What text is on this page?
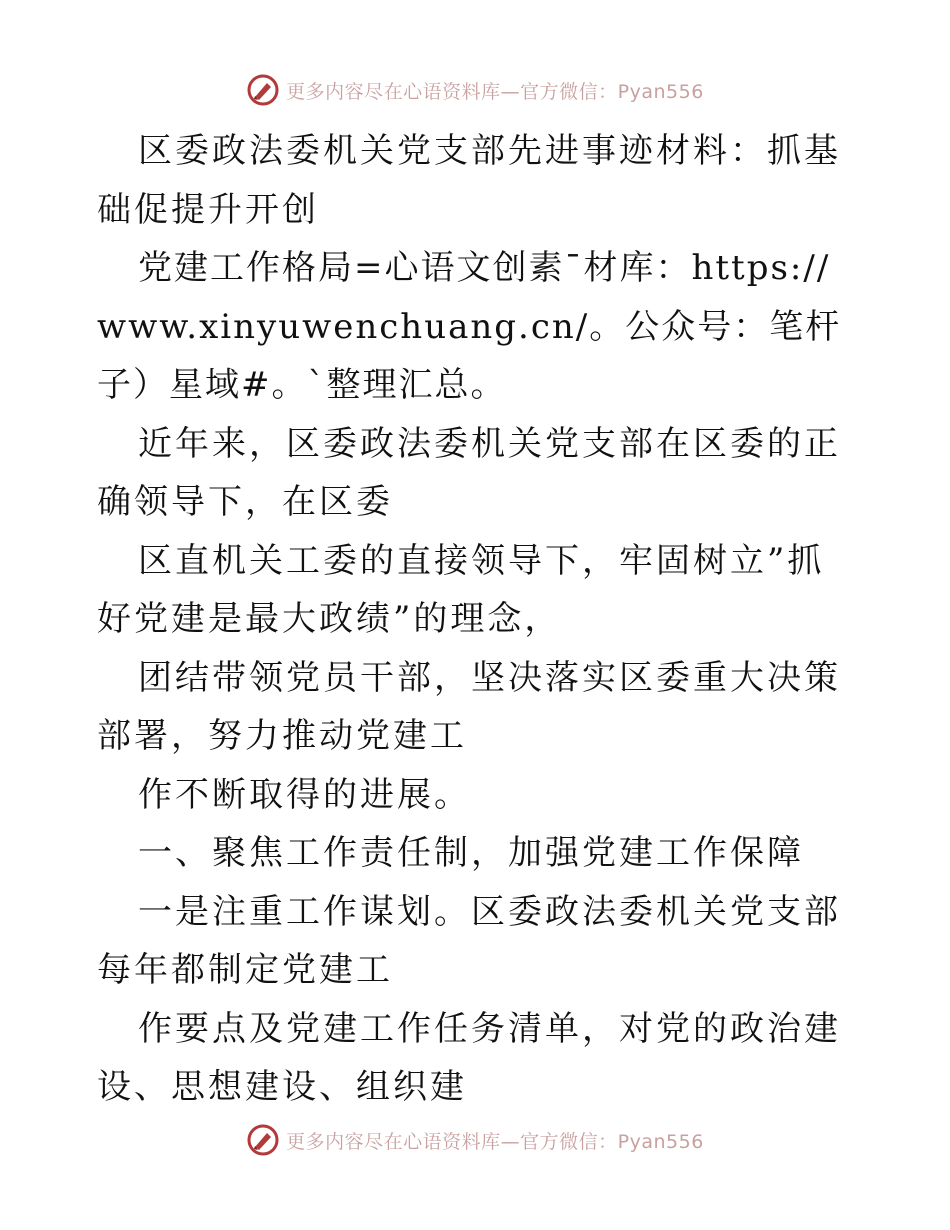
更多内容尽在心语资料库—官方微信：Pyan556

区委政法委机关党支部先进事迹材料：抓基础促提升开创

党建工作格局=心语文创素¯材库：https://www.xinyuwenchuang.cn/。公众号：笔杆子）星域#。`整理汇总。

近年来，区委政法委机关党支部在区委的正确领导下，在区委

区直机关工委的直接领导下，牢固树立”抓好党建是最大政绩”的理念，

团结带领党员干部，坚决落实区委重大决策部署，努力推动党建工

作不断取得的进展。

一、聚焦工作责任制，加强党建工作保障

一是注重工作谋划。区委政法委机关党支部每年都制定党建工

作要点及党建工作任务清单，对党的政治建设、思想建设、组织建

更多内容尽在心语资料库—官方微信：Pyan556
